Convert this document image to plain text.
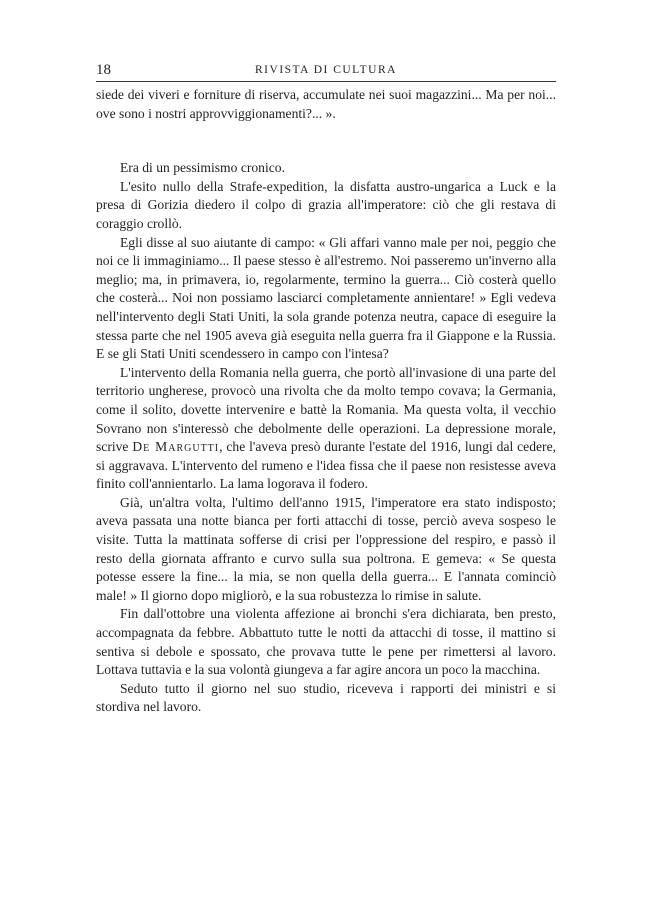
18	RIVISTA DI CULTURA

siede dei viveri e forniture di riserva, accumulate nei suoi magazzini... Ma per noi... ove sono i nostri approvviggionamenti?... ».

Era di un pessimismo cronico.

L'esito nullo della Strafe-expedition, la disfatta austro-ungarica a Luck e la presa di Gorizia diedero il colpo di grazia all'imperatore: ciò che gli restava di coraggio crollò.

Egli disse al suo aiutante di campo: « Gli affari vanno male per noi, peggio che noi ce li immaginiamo... Il paese stesso è all'estremo. Noi passeremo un'inverno alla meglio; ma, in primavera, io, regolarmente, termino la guerra... Ciò costerà quello che costerà... Noi non possiamo lasciarci completamente annientare! » Egli vedeva nell'intervento degli Stati Uniti, la sola grande potenza neutra, capace di eseguire la stessa parte che nel 1905 aveva già eseguita nella guerra fra il Giappone e la Russia. E se gli Stati Uniti scendessero in campo con l'intesa?

L'intervento della Romania nella guerra, che portò all'invasione di una parte del territorio ungherese, provocò una rivolta che da molto tempo covava; la Germania, come il solito, dovette intervenire e battè la Romania. Ma questa volta, il vecchio Sovrano non s'interessò che debolmente delle operazioni. La depressione morale, scrive De Margutti, che l'aveva presò durante l'estate del 1916, lungi dal cedere, si aggravava. L'intervento del rumeno e l'idea fissa che il paese non resistesse aveva finito coll'annientarlo. La lama logorava il fodero.

Già, un'altra volta, l'ultimo dell'anno 1915, l'imperatore era stato indisposto; aveva passata una notte bianca per forti attacchi di tosse, perciò aveva sospeso le visite. Tutta la mattinata sofferse di crisi per l'oppressione del respiro, e passò il resto della giornata affranto e curvo sulla sua poltrona. E gemeva: « Se questa potesse essere la fine... la mia, se non quella della guerra... E l'annata cominciò male! » Il giorno dopo migliorò, e la sua robustezza lo rimise in salute.

Fin dall'ottobre una violenta affezione ai bronchi s'era dichiarata, ben presto, accompagnata da febbre. Abbattuto tutte le notti da attacchi di tosse, il mattino si sentiva si debole e spossato, che provava tutte le pene per rimettersi al lavoro. Lottava tuttavia e la sua volontà giungeva a far agire ancora un poco la macchina.

Seduto tutto il giorno nel suo studio, riceveva i rapporti dei ministri e si stordiva nel lavoro.
